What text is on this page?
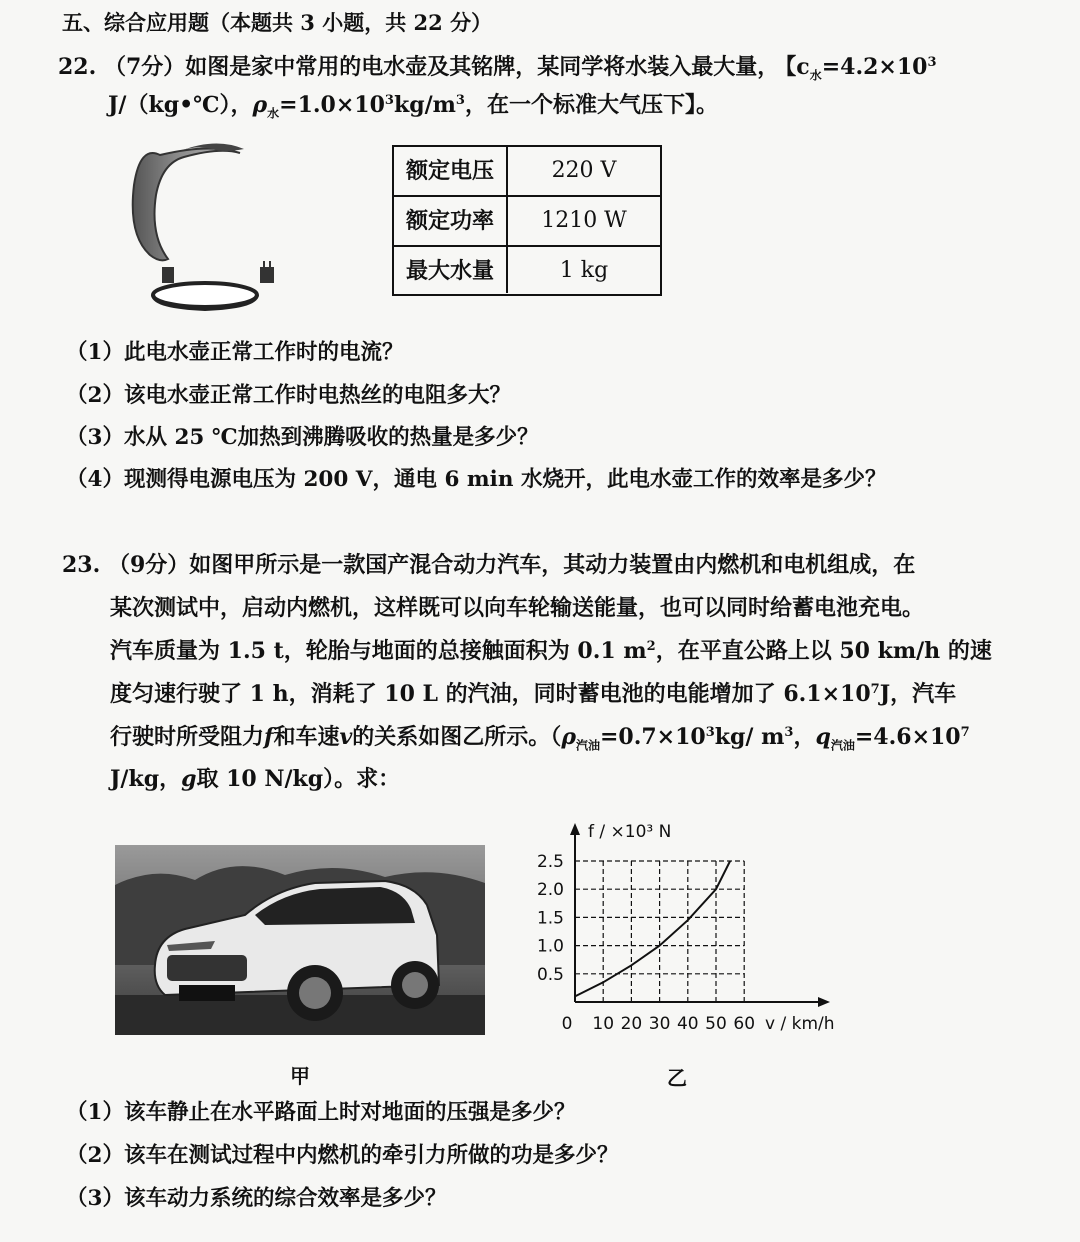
五、综合应用题（本题共 3 小题，共 22 分）
22. （7分）如图是家中常用的电水壶及其铭牌，某同学将水装入最大量， 【$c_水=4.2\times 10^3$
J/（kg•℃），$\rho_水=1.0\times 10^3kg/m^3$，在一个标准大气压下】。
额定电压	220 V
额定功率	1210 W
最大水量	1 kg
（1）此电水壶正常工作时的电流？
（2）该电水壶正常工作时电热丝的电阻多大？
（3）水从 25 ℃加热到沸腾吸收的热量是多少？
（4）现测得电源电压为 200 V，通电 6 min 水烧开，此电水壶工作的效率是多少？
23. （9分）如图甲所示是一款国产混合动力汽车，其动力装置由内燃机和电机组成，在
某次测试中，启动内燃机，这样既可以向车轮输送能量，也可以同时给蓄电池充电。
汽车质量为 1.5 t，轮胎与地面的总接触面积为 0.1 $m^2$，在平直公路上以 50 km/h 的速
度匀速行驶了 1 h，消耗了 10 L 的汽油，同时蓄电池的电能增加了 $6.1\times 10^7J$，汽车
行驶时所受阻力f和车速v的关系如图乙所示。（$\rho_{汽油}=0.7\times 10^3kg/$ $m^3$，$q_{汽油}=4.6\times 10^7$
J/kg，g取 10 N/kg）。求：
甲
f / ×10³ N
v / km/h
0 10 20 30 40 50 60
0.5
1.0
1.5
2.0
2.5
乙
（1）该车静止在水平路面上时对地面的压强是多少？
（2）该车在测试过程中内燃机的牵引力所做的功是多少？
（3）该车动力系统的综合效率是多少？
